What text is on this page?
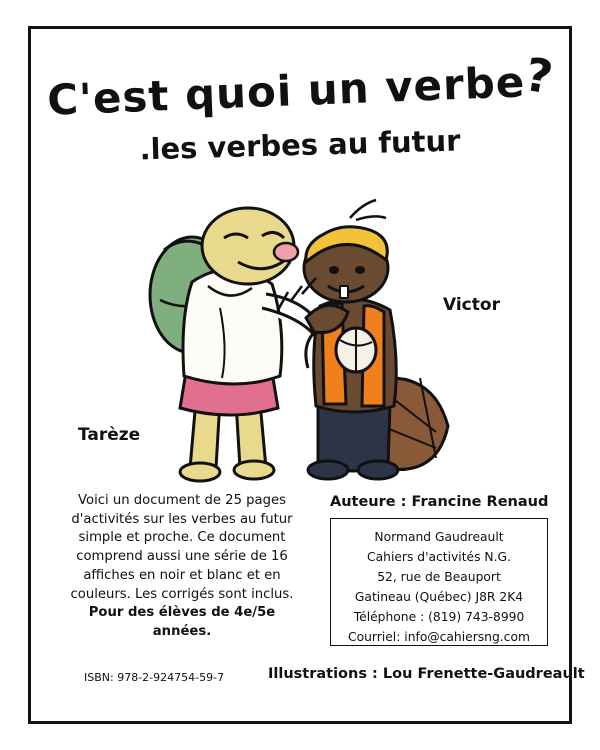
C'est quoi un verbe?
.les verbes au futur
Tarèze
Victor
Voici un document de 25 pages d'activités sur les verbes au futur simple et proche. Ce document comprend aussi une série de 16 affiches en noir et blanc et en couleurs. Les corrigés sont inclus. Pour des élèves de 4e/5e années.
Auteure : Francine Renaud
Normand Gaudreault
Cahiers d'activités N.G.
52, rue de Beauport
Gatineau (Québec) J8R 2K4
Téléphone : (819) 743-8990
Courriel: info@cahiersng.com
ISBN: 978-2-924754-59-7	Illustrations : Lou Frenette-Gaudreault
